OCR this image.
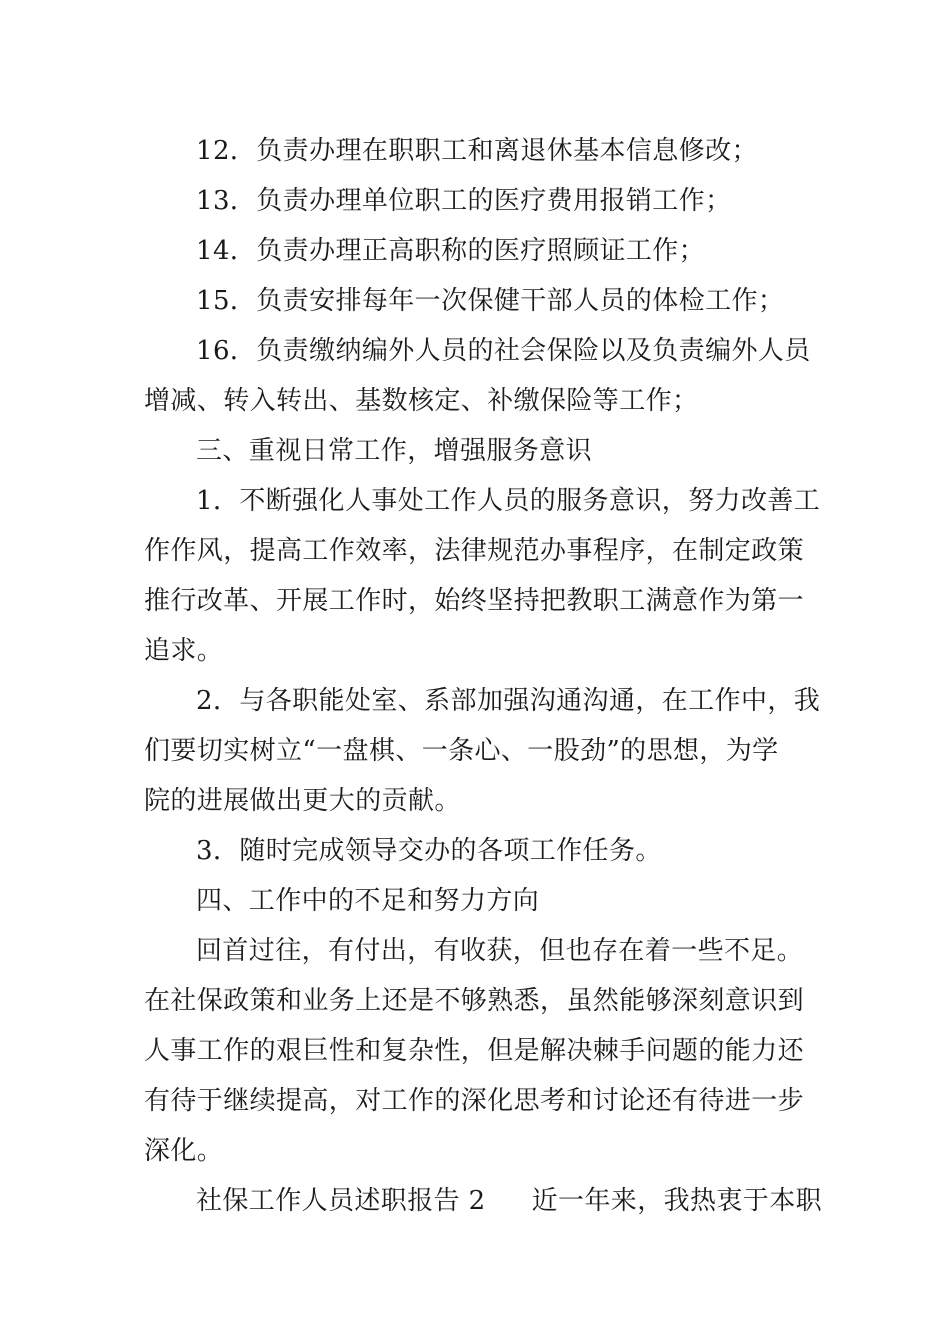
12．负责办理在职职工和离退休基本信息修改；
13．负责办理单位职工的医疗费用报销工作；
14．负责办理正高职称的医疗照顾证工作；
15．负责安排每年一次保健干部人员的体检工作；
16．负责缴纳编外人员的社会保险以及负责编外人员
增减、转入转出、基数核定、补缴保险等工作；
三、重视日常工作，增强服务意识
1．不断强化人事处工作人员的服务意识，努力改善工
作作风，提高工作效率，法律规范办事程序，在制定政策
推行改革、开展工作时，始终坚持把教职工满意作为第一
追求。
2．与各职能处室、系部加强沟通沟通，在工作中，我
们要切实树立“一盘棋、一条心、一股劲”的思想，为学
院的进展做出更大的贡献。
3．随时完成领导交办的各项工作任务。
四、工作中的不足和努力方向
回首过往，有付出，有收获，但也存在着一些不足。
在社保政策和业务上还是不够熟悉，虽然能够深刻意识到
人事工作的艰巨性和复杂性，但是解决棘手问题的能力还
有待于继续提高，对工作的深化思考和讨论还有待进一步
深化。
社保工作人员述职报告 2 近一年来，我热衷于本职
